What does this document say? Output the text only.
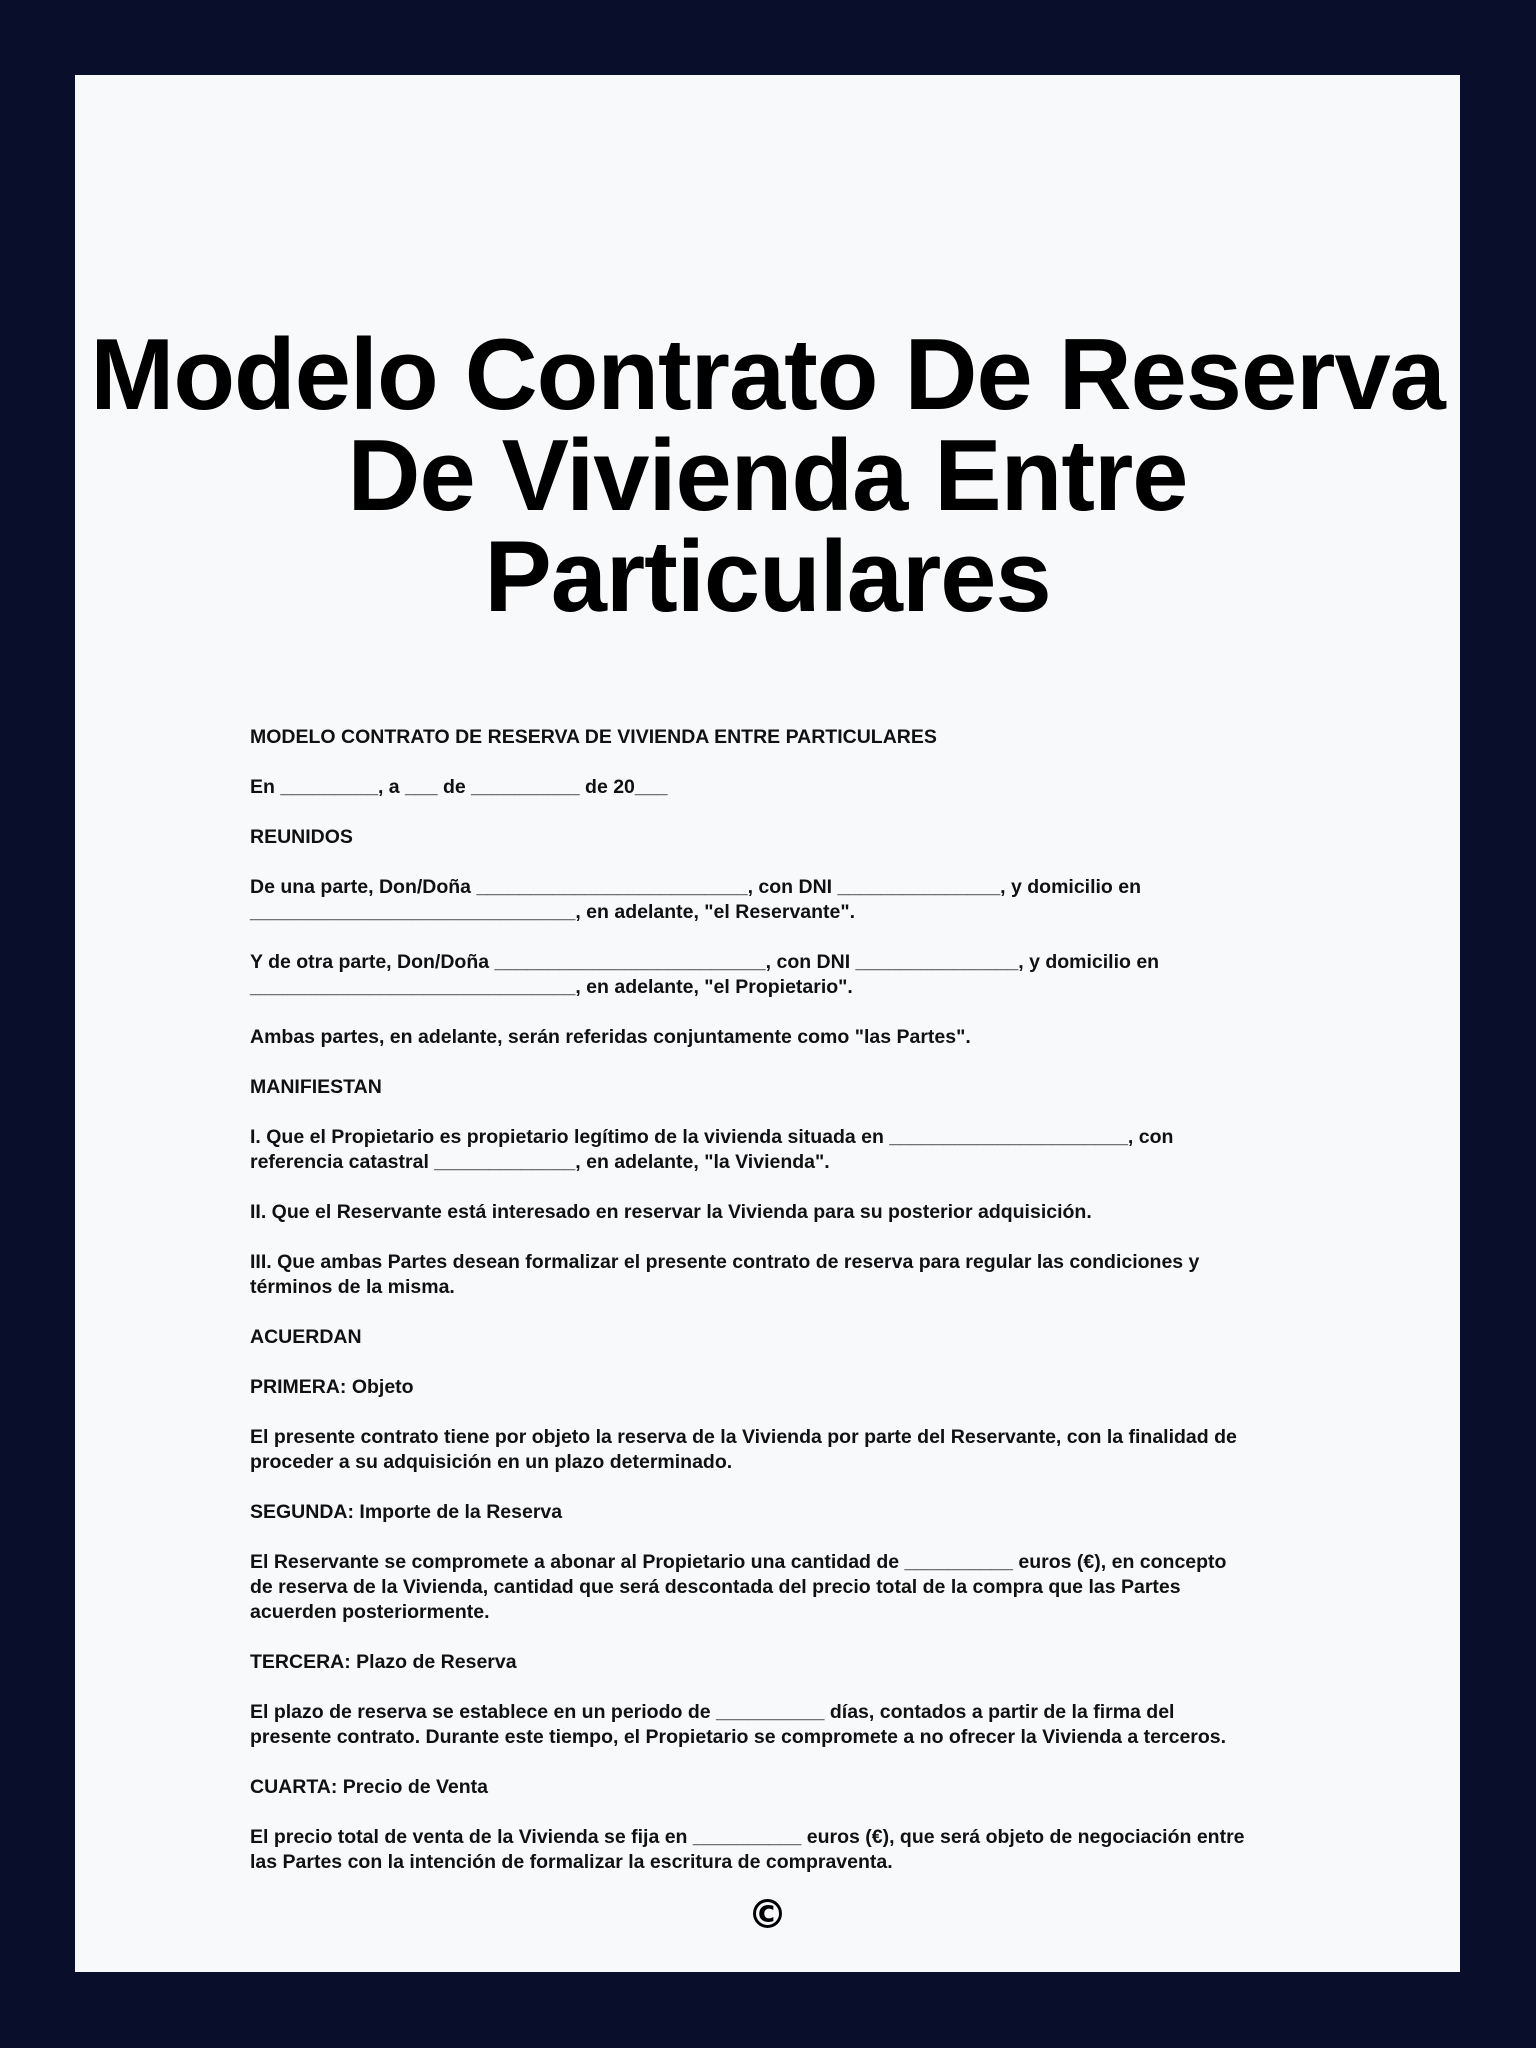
Modelo Contrato De Reserva
De Vivienda Entre
Particulares

MODELO CONTRATO DE RESERVA DE VIVIENDA ENTRE PARTICULARES

En _________, a ___ de __________ de 20___

REUNIDOS

De una parte, Don/Doña _________________________, con DNI _______________, y domicilio en
______________________________, en adelante, "el Reservante".

Y de otra parte, Don/Doña _________________________, con DNI _______________, y domicilio en
______________________________, en adelante, "el Propietario".

Ambas partes, en adelante, serán referidas conjuntamente como "las Partes".

MANIFIESTAN

I. Que el Propietario es propietario legítimo de la vivienda situada en ______________________, con
referencia catastral _____________, en adelante, "la Vivienda".

II. Que el Reservante está interesado en reservar la Vivienda para su posterior adquisición.

III. Que ambas Partes desean formalizar el presente contrato de reserva para regular las condiciones y
términos de la misma.

ACUERDAN

PRIMERA: Objeto

El presente contrato tiene por objeto la reserva de la Vivienda por parte del Reservante, con la finalidad de
proceder a su adquisición en un plazo determinado.

SEGUNDA: Importe de la Reserva

El Reservante se compromete a abonar al Propietario una cantidad de __________ euros (€), en concepto
de reserva de la Vivienda, cantidad que será descontada del precio total de la compra que las Partes
acuerden posteriormente.

TERCERA: Plazo de Reserva

El plazo de reserva se establece en un periodo de __________ días, contados a partir de la firma del
presente contrato. Durante este tiempo, el Propietario se compromete a no ofrecer la Vivienda a terceros.

CUARTA: Precio de Venta

El precio total de venta de la Vivienda se fija en __________ euros (€), que será objeto de negociación entre
las Partes con la intención de formalizar la escritura de compraventa.

©
